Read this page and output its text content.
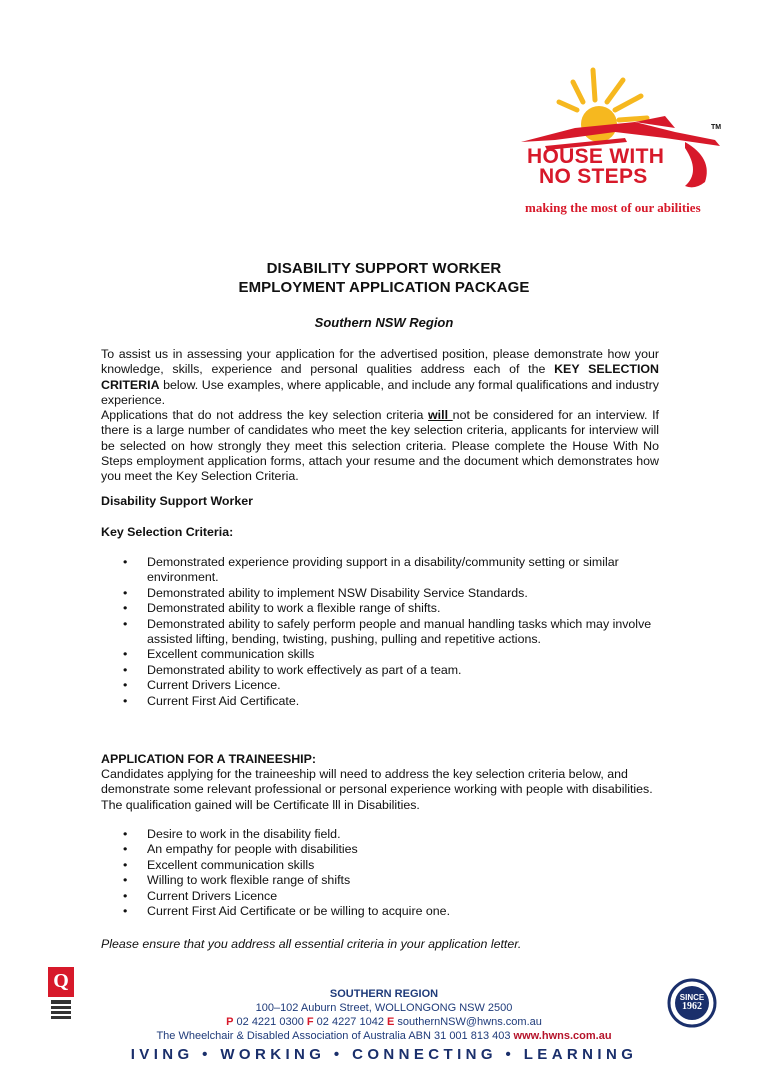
HOUSE WITH
NO STEPS
TM
making the most of our abilities
DISABILITY SUPPORT WORKER
EMPLOYMENT APPLICATION PACKAGE
Southern NSW Region

To assist us in assessing your application for the advertised position, please demonstrate how your knowledge, skills, experience and personal qualities address each of the KEY SELECTION CRITERIA below. Use examples, where applicable, and include any formal qualifications and industry experience.

Applications that do not address the key selection criteria will not be considered for an interview. If there is a large number of candidates who meet the key selection criteria, applicants for interview will be selected on how strongly they meet this selection criteria. Please complete the House With No Steps employment application forms, attach your resume and the document which demonstrates how you meet the Key Selection Criteria.

Disability Support Worker
Key Selection Criteria:
• Demonstrated experience providing support in a disability/community setting or similar environment.
• Demonstrated ability to implement NSW Disability Service Standards.
• Demonstrated ability to work a flexible range of shifts.
• Demonstrated ability to safely perform people and manual handling tasks which may involve assisted lifting, bending, twisting, pushing, pulling and repetitive actions.
• Excellent communication skills
• Demonstrated ability to work effectively as part of a team.
• Current Drivers Licence.
• Current First Aid Certificate.
APPLICATION FOR A TRAINEESHIP:
Candidates applying for the traineeship will need to address the key selection criteria below, and demonstrate some relevant professional or personal experience working with people with disabilities. The qualification gained will be Certificate lll in Disabilities.
• Desire to work in the disability field.
• An empathy for people with disabilities
• Excellent communication skills
• Willing to work flexible range of shifts
• Current Drivers Licence
• Current First Aid Certificate or be willing to acquire one.
Please ensure that you address all essential criteria in your application letter.
Q
SOUTHERN REGION
100–102 Auburn Street, WOLLONGONG NSW 2500
P 02 4221 0300 F 02 4227 1042 E southernNSW@hwns.com.au
The Wheelchair & Disabled Association of Australia ABN 31 001 813 403 www.hwns.com.au
SINCE
1962
IVING • WORKING • CONNECTING • LEARNING
